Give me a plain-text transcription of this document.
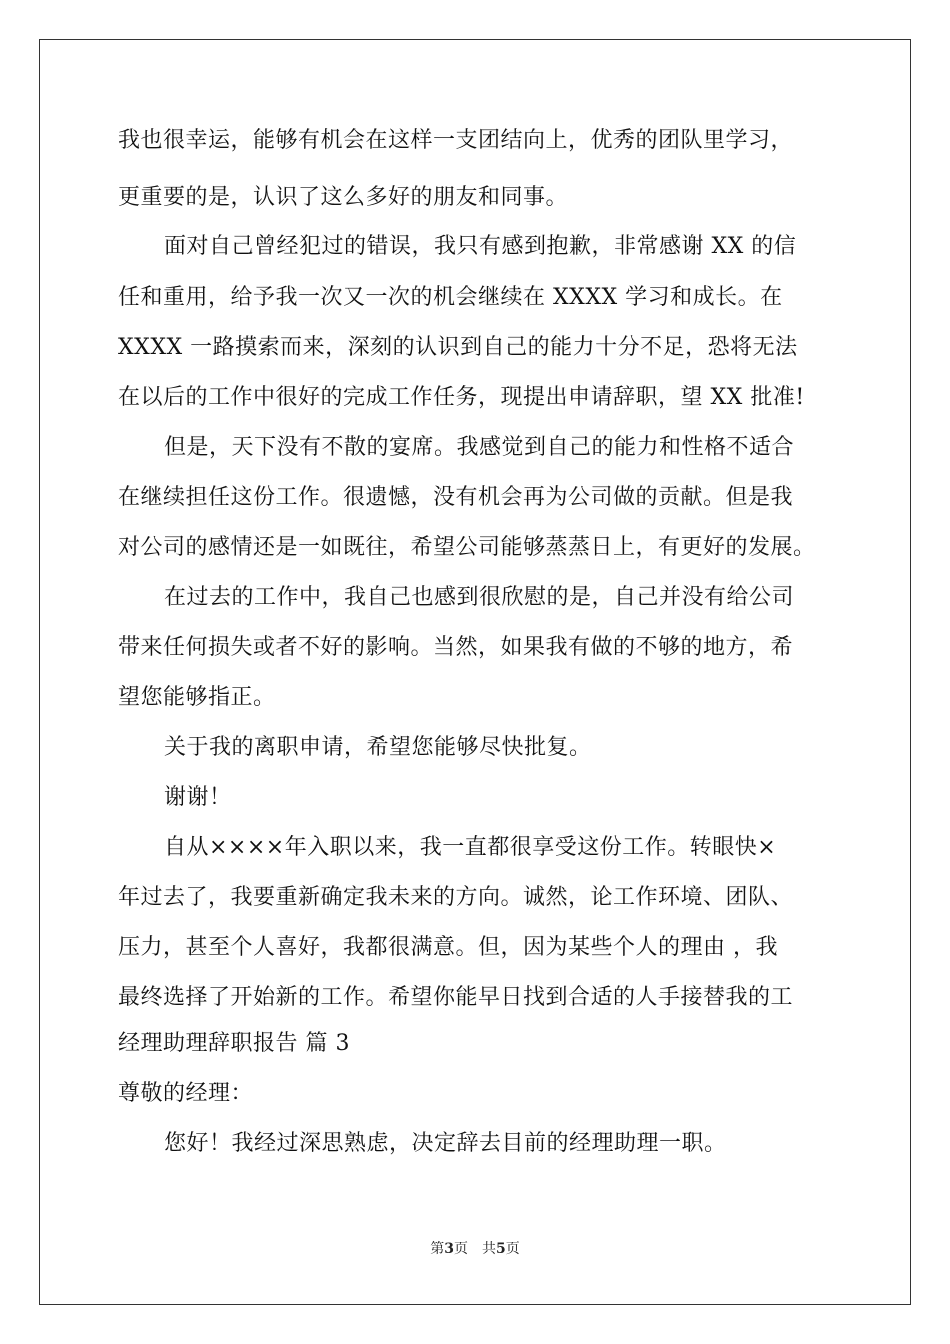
我也很幸运，能够有机会在这样一支团结向上，优秀的团队里学习，
更重要的是，认识了这么多好的朋友和同事。
面对自己曾经犯过的错误，我只有感到抱歉，非常感谢 XX 的信
任和重用，给予我一次又一次的机会继续在 XXXX 学习和成长。在
XXXX 一路摸索而来，深刻的认识到自己的能力十分不足，恐将无法
在以后的工作中很好的完成工作任务，现提出申请辞职，望 XX 批准!
但是，天下没有不散的宴席。我感觉到自己的能力和性格不适合
在继续担任这份工作。很遗憾，没有机会再为公司做的贡献。但是我
对公司的感情还是一如既往，希望公司能够蒸蒸日上，有更好的发展。
在过去的工作中，我自己也感到很欣慰的是，自己并没有给公司
带来任何损失或者不好的影响。当然，如果我有做的不够的地方，希
望您能够指正。
关于我的离职申请，希望您能够尽快批复。
谢谢！
自从××××年入职以来，我一直都很享受这份工作。转眼快×
年过去了，我要重新确定我未来的方向。诚然，论工作环境、团队、
压力，甚至个人喜好，我都很满意。但，因为某些个人的理由 ，我
最终选择了开始新的工作。希望你能早日找到合适的人手接替我的工
经理助理辞职报告 篇 3
尊敬的经理：
您好！我经过深思熟虑，决定辞去目前的经理助理一职。
第3页　共5页
